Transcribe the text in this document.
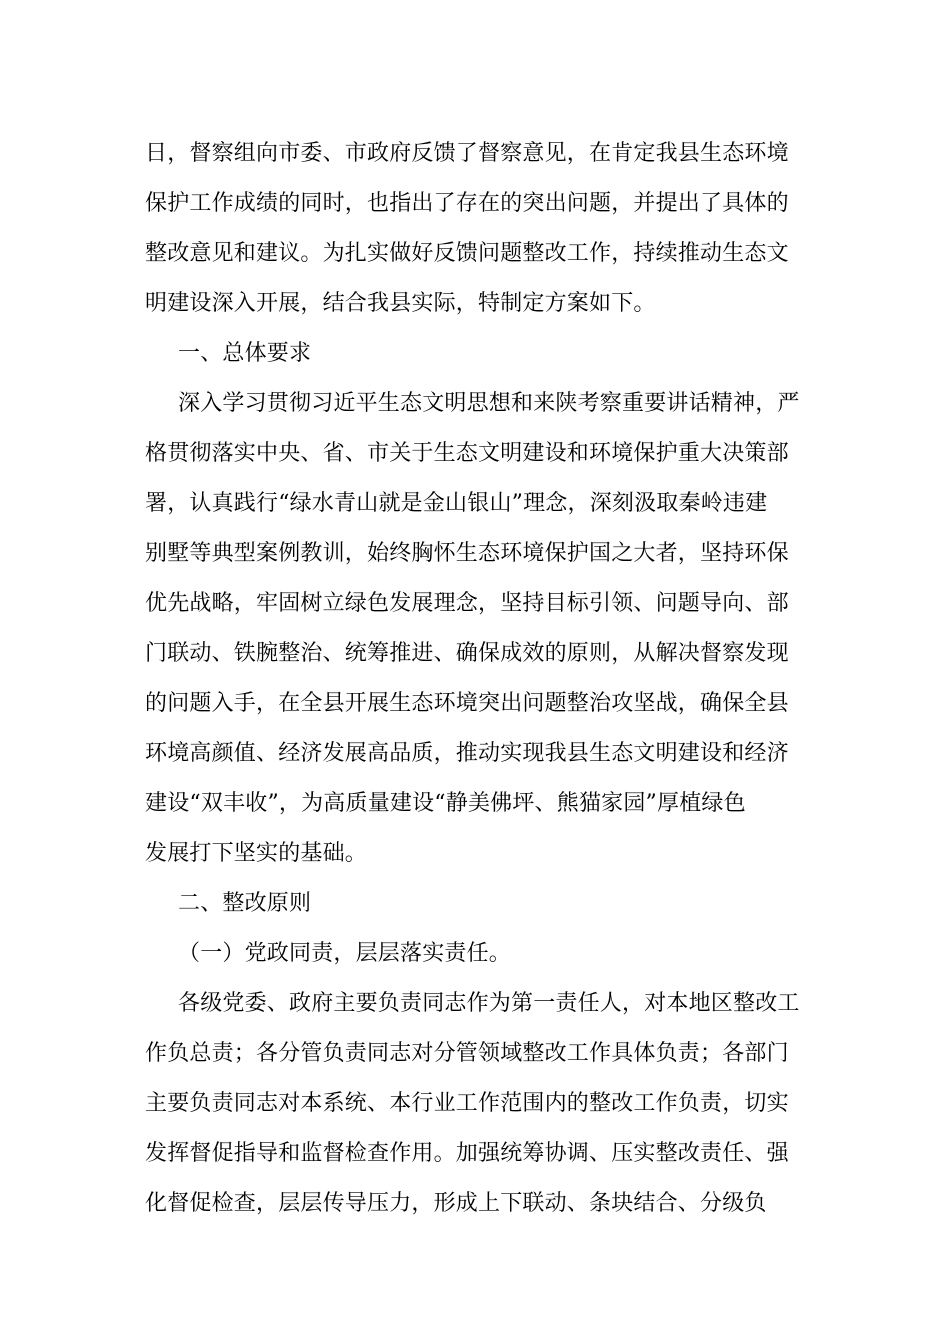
日，督察组向市委、市政府反馈了督察意见，在肯定我县生态环境
保护工作成绩的同时，也指出了存在的突出问题，并提出了具体的
整改意见和建议。为扎实做好反馈问题整改工作，持续推动生态文
明建设深入开展，结合我县实际，特制定方案如下。
一、总体要求
深入学习贯彻习近平生态文明思想和来陕考察重要讲话精神，严
格贯彻落实中央、省、市关于生态文明建设和环境保护重大决策部
署，认真践行“绿水青山就是金山银山”理念，深刻汲取秦岭违建
别墅等典型案例教训，始终胸怀生态环境保护国之大者，坚持环保
优先战略，牢固树立绿色发展理念，坚持目标引领、问题导向、部
门联动、铁腕整治、统筹推进、确保成效的原则，从解决督察发现
的问题入手，在全县开展生态环境突出问题整治攻坚战，确保全县
环境高颜值、经济发展高品质，推动实现我县生态文明建设和经济
建设“双丰收”，为高质量建设“静美佛坪、熊猫家园”厚植绿色
发展打下坚实的基础。
二、整改原则
（一）党政同责，层层落实责任。
各级党委、政府主要负责同志作为第一责任人，对本地区整改工
作负总责；各分管负责同志对分管领域整改工作具体负责；各部门
主要负责同志对本系统、本行业工作范围内的整改工作负责，切实
发挥督促指导和监督检查作用。加强统筹协调、压实整改责任、强
化督促检查，层层传导压力，形成上下联动、条块结合、分级负
